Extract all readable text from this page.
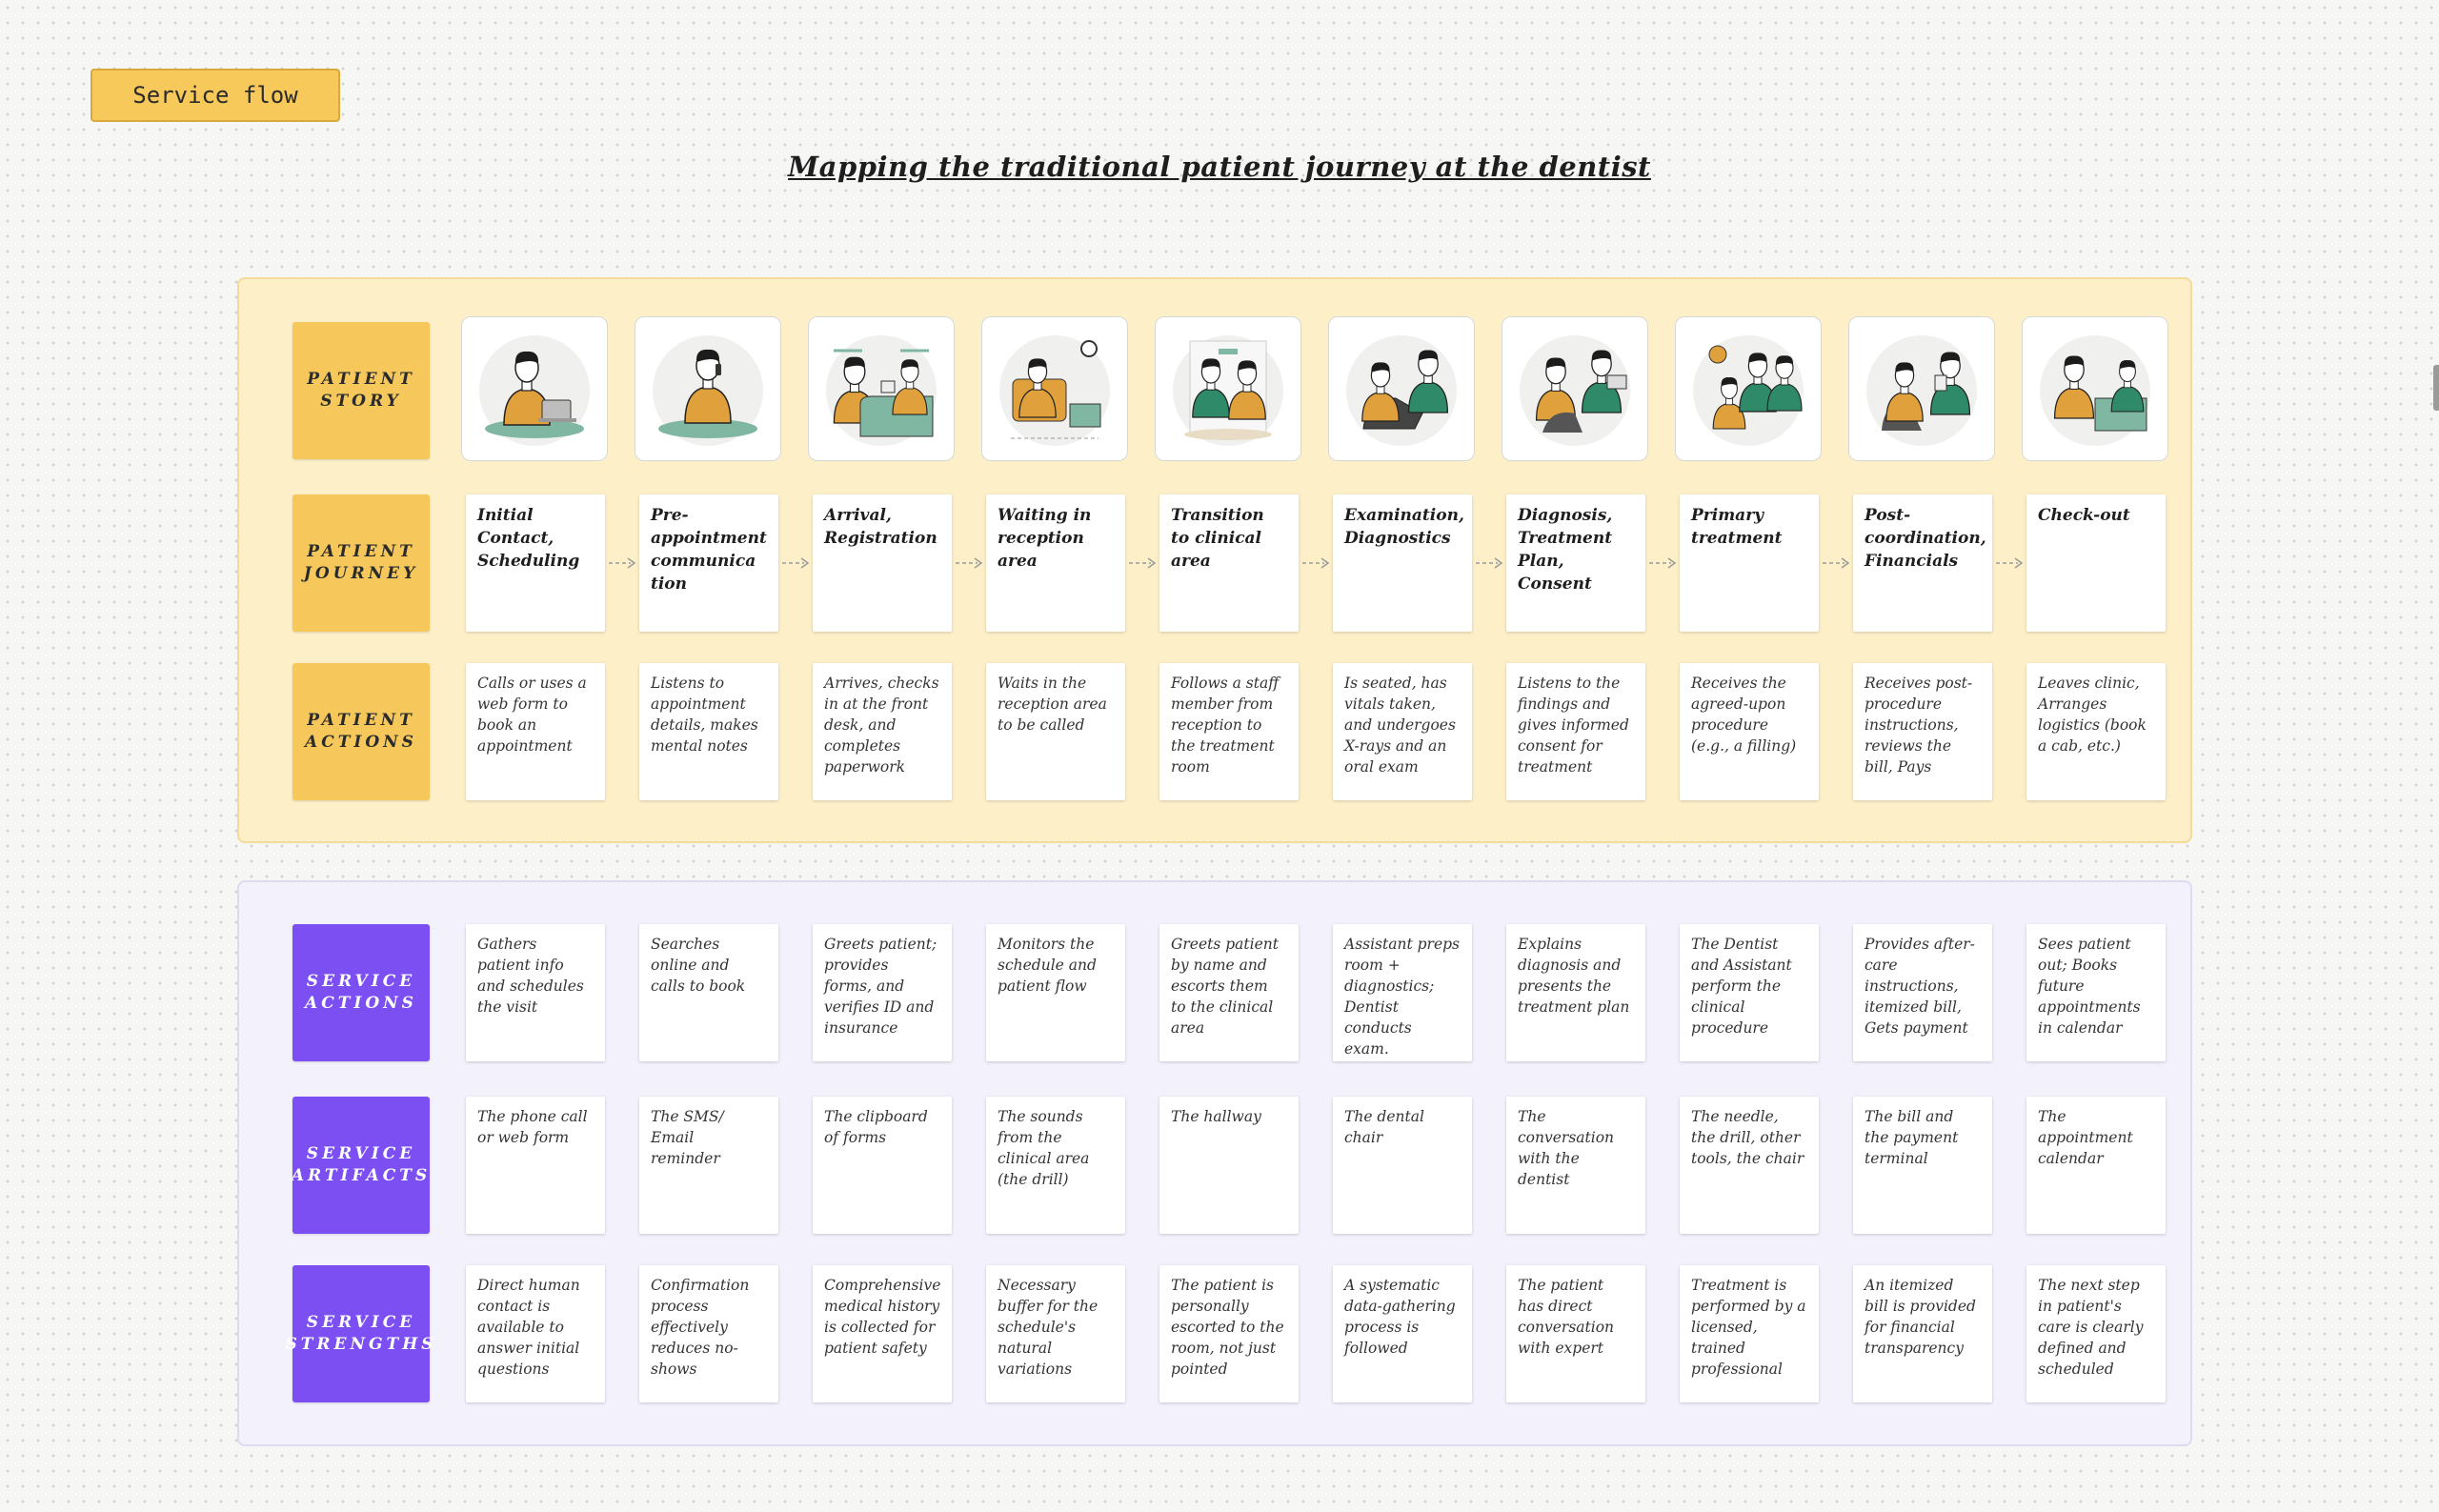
Service flow
Mapping the traditional patient journey at the dentist
PATIENT
STORY
PATIENT
JOURNEY
PATIENT
ACTIONS
SERVICE
ACTIONS
SERVICE
ARTIFACTS
SERVICE
STRENGTHS
Initial Contact, Scheduling
Calls or uses a web form to book an appointment
Gathers patient info and schedules the visit
The phone call or web form
Direct human contact is available to answer initial questions
Pre-appointment communica tion
Listens to appointment details, makes mental notes
Searches online and calls to book
The SMS/ Email reminder
Confirmation process effectively reduces no-shows
Arrival, Registration
Arrives, checks in at the front desk, and completes paperwork
Greets patient; provides forms, and verifies ID and insurance
The clipboard of forms
Comprehensive medical history is collected for patient safety
Waiting in reception area
Waits in the reception area to be called
Monitors the schedule and patient flow
The sounds from the clinical area (the drill)
Necessary buffer for the schedule's natural variations
Transition to clinical area
Follows a staff member from reception to the treatment room
Greets patient by name and escorts them to the clinical area
The hallway
The patient is personally escorted to the room, not just pointed
Examination, Diagnostics
Is seated, has vitals taken, and undergoes X-rays and an oral exam
Assistant preps room + diagnostics; Dentist conducts exam.
The dental chair
A systematic data-gathering process is followed
Diagnosis, Treatment Plan, Consent
Listens to the findings and gives informed consent for treatment
Explains diagnosis and presents the treatment plan
The conversation with the dentist
The patient has direct conversation with expert
Primary treatment
Receives the agreed-upon procedure (e.g., a filling)
The Dentist and Assistant perform the clinical procedure
The needle, the drill, other tools, the chair
Treatment is performed by a licensed, trained professional
Post-coordination, Financials
Receives post-procedure instructions, reviews the bill, Pays
Provides after-care instructions, itemized bill, Gets payment
The bill and the payment terminal
An itemized bill is provided for financial transparency
Check-out
Leaves clinic, Arranges logistics (book a cab, etc.)
Sees patient out; Books future appointments in calendar
The appointment calendar
The next step in patient's care is clearly defined and scheduled
